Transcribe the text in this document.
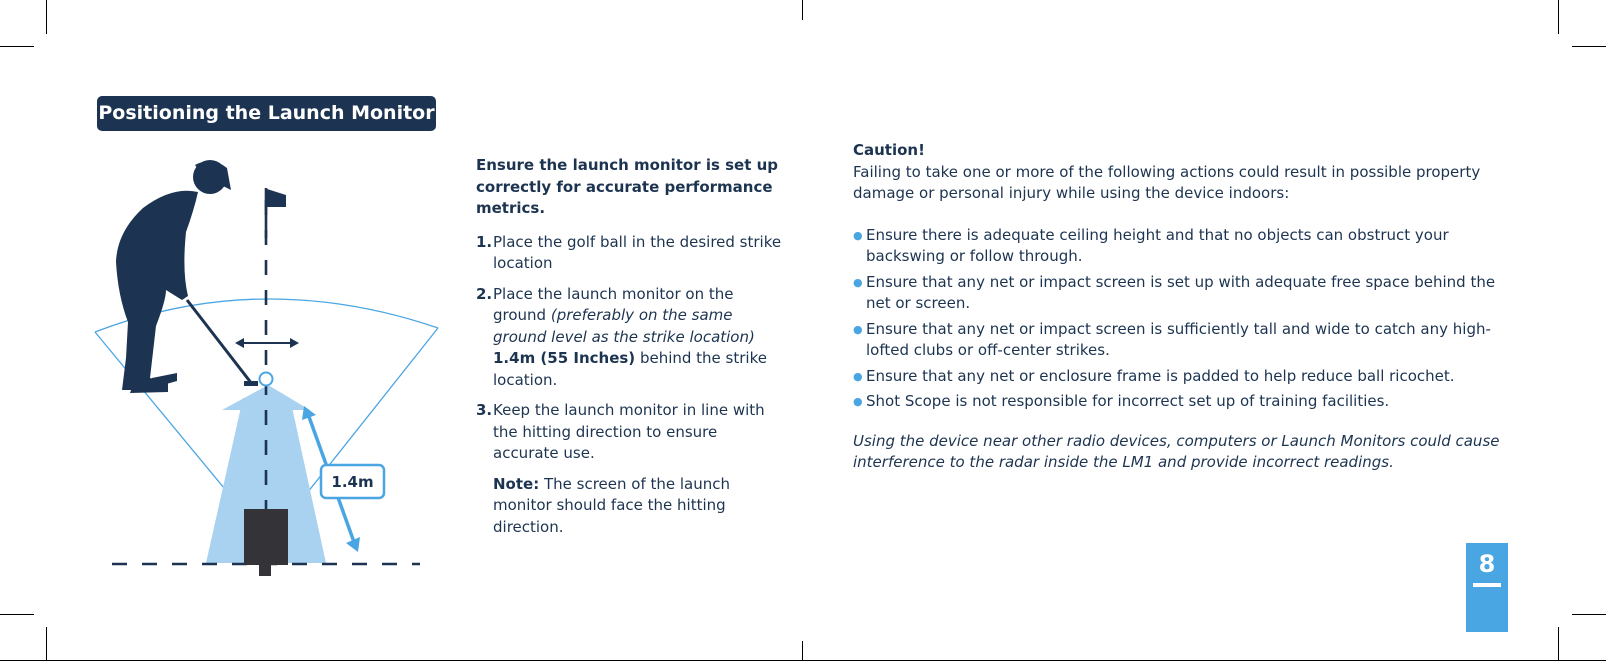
Positioning the Launch Monitor
1.4m
Ensure the launch monitor is set up correctly for accurate performance metrics.
1. Place the golf ball in the desired strike location
2. Place the launch monitor on the ground (preferably on the same ground level as the strike location) 1.4m (55 Inches) behind the strike location.
3. Keep the launch monitor in line with the hitting direction to ensure accurate use.
Note: The screen of the launch monitor should face the hitting direction.
Caution!
Failing to take one or more of the following actions could result in possible property damage or personal injury while using the device indoors:
● Ensure there is adequate ceiling height and that no objects can obstruct your backswing or follow through.
● Ensure that any net or impact screen is set up with adequate free space behind the net or screen.
● Ensure that any net or impact screen is sufficiently tall and wide to catch any high-lofted clubs or off-center strikes.
● Ensure that any net or enclosure frame is padded to help reduce ball ricochet.
● Shot Scope is not responsible for incorrect set up of training facilities.
Using the device near other radio devices, computers or Launch Monitors could cause interference to the radar inside the LM1 and provide incorrect readings.
8
